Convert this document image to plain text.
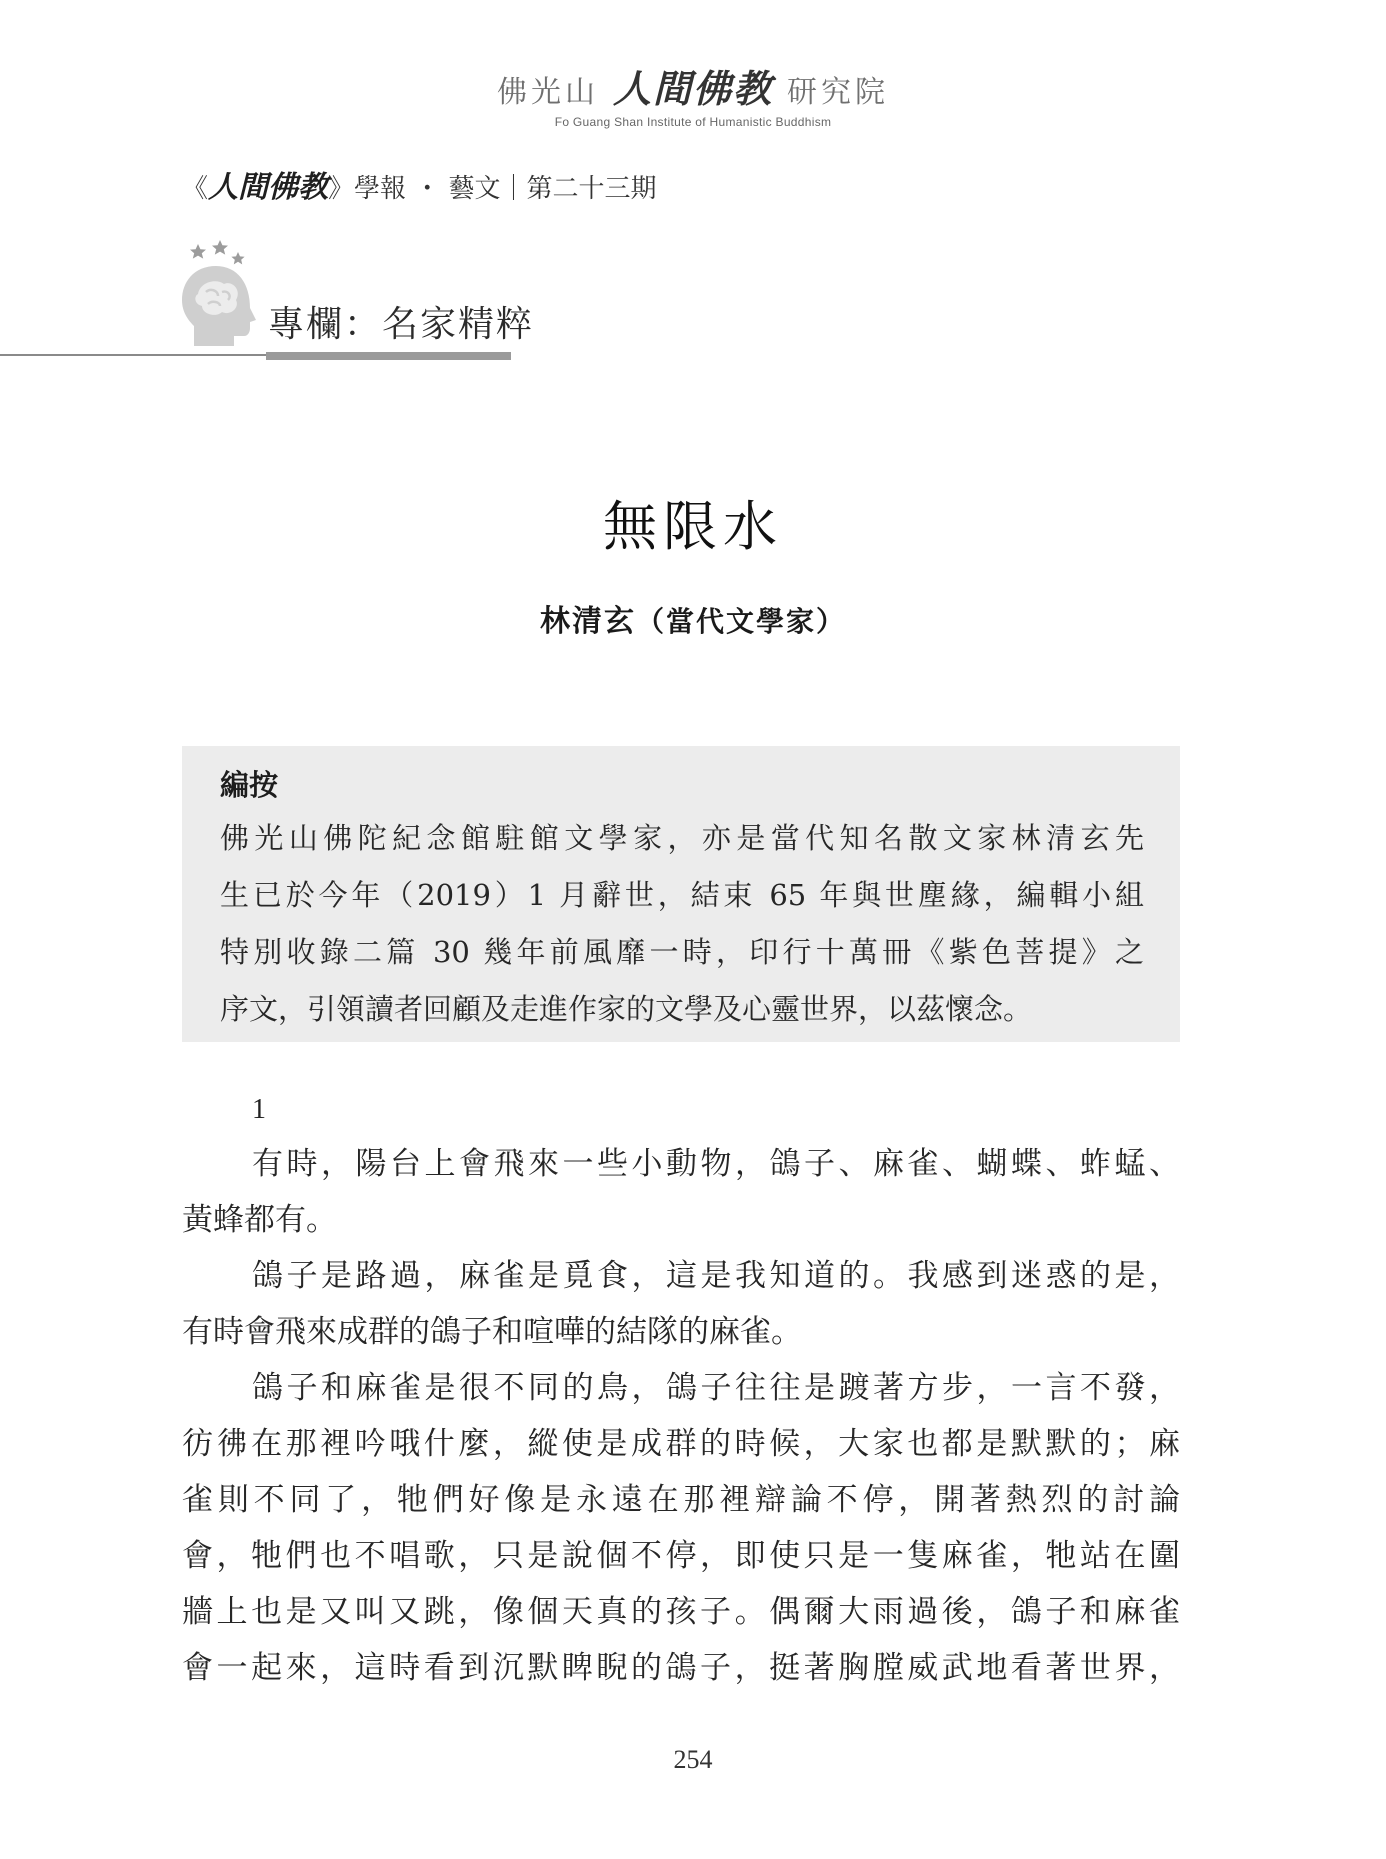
佛光山 人間佛教 研究院
Fo Guang Shan Institute of Humanistic Buddhism
《人間佛教》學報 ・ 藝文｜第二十三期
專欄：名家精粹
無限水
林清玄（當代文學家）
編按
佛光山佛陀紀念館駐館文學家，亦是當代知名散文家林清玄先
生已於今年（2019）1 月辭世，結束 65 年與世塵緣，編輯小組
特別收錄二篇 30 幾年前風靡一時，印行十萬冊《紫色菩提》之
序文，引領讀者回顧及走進作家的文學及心靈世界，以茲懷念。
1
有時，陽台上會飛來一些小動物，鴿子、麻雀、蝴蝶、蚱蜢、
黃蜂都有。
鴿子是路過，麻雀是覓食，這是我知道的。我感到迷惑的是，
有時會飛來成群的鴿子和喧嘩的結隊的麻雀。
鴿子和麻雀是很不同的鳥，鴿子往往是踱著方步，一言不發，
彷彿在那裡吟哦什麼，縱使是成群的時候，大家也都是默默的；麻
雀則不同了，牠們好像是永遠在那裡辯論不停，開著熱烈的討論
會，牠們也不唱歌，只是說個不停，即使只是一隻麻雀，牠站在圍
牆上也是又叫又跳，像個天真的孩子。偶爾大雨過後，鴿子和麻雀
會一起來，這時看到沉默睥睨的鴿子，挺著胸膛威武地看著世界，
254
